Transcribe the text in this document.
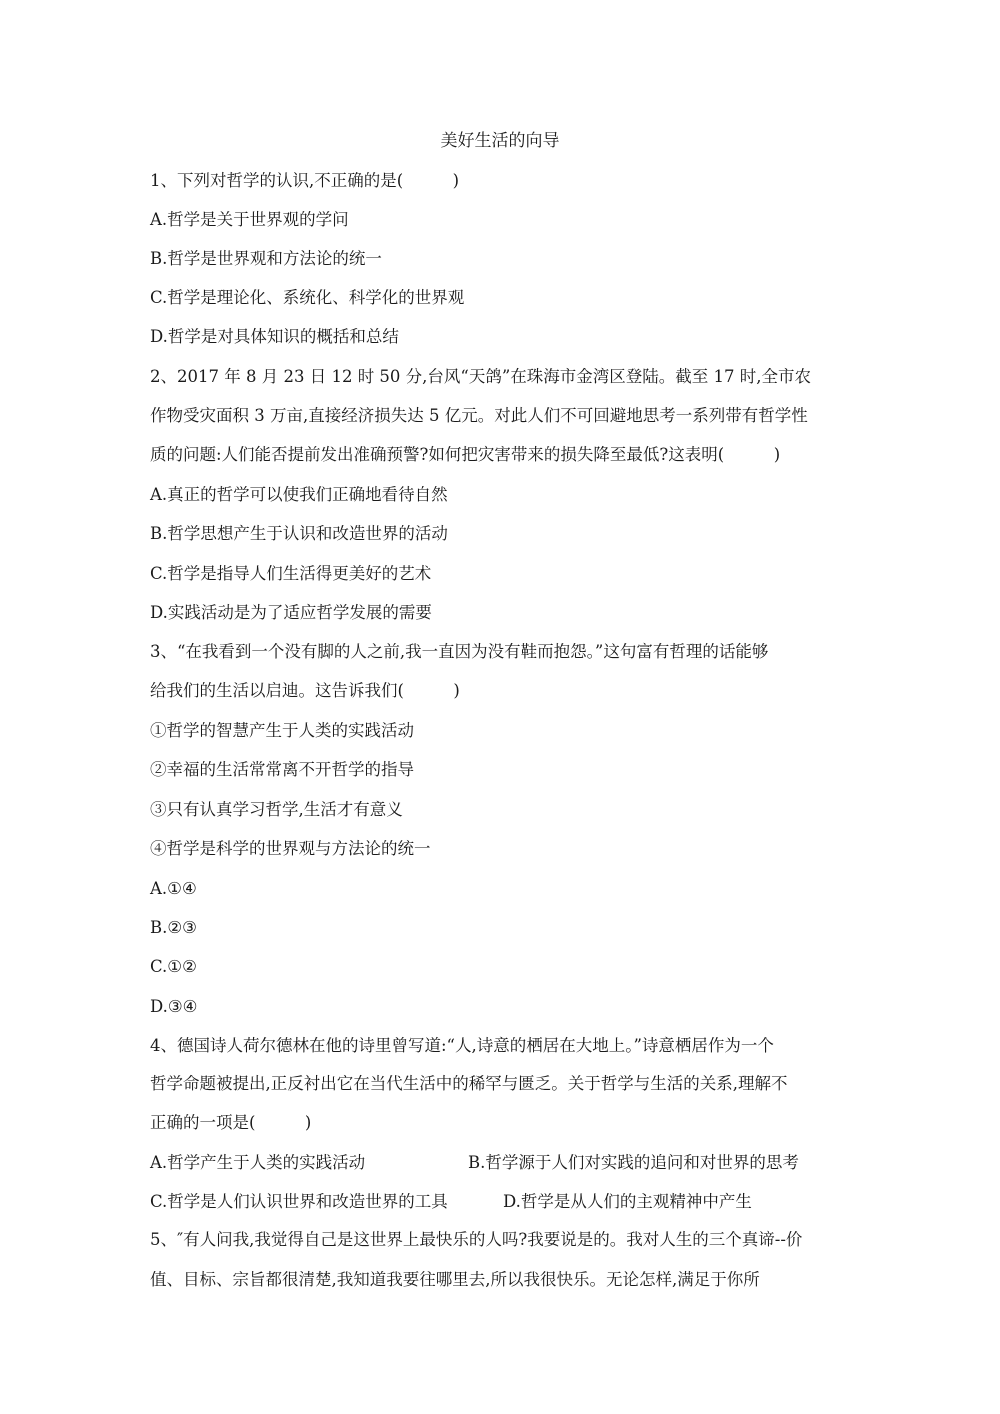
美好生活的向导
1、下列对哲学的认识,不正确的是(　　　)
A.哲学是关于世界观的学问
B.哲学是世界观和方法论的统一
C.哲学是理论化、系统化、科学化的世界观
D.哲学是对具体知识的概括和总结
2、2017 年 8 月 23 日 12 时 50 分,台风“天鸽”在珠海市金湾区登陆。截至 17 时,全市农
作物受灾面积 3 万亩,直接经济损失达 5 亿元。对此人们不可回避地思考一系列带有哲学性
质的问题:人们能否提前发出准确预警?如何把灾害带来的损失降至最低?这表明(　　　)
A.真正的哲学可以使我们正确地看待自然
B.哲学思想产生于认识和改造世界的活动
C.哲学是指导人们生活得更美好的艺术
D.实践活动是为了适应哲学发展的需要
3、“在我看到一个没有脚的人之前,我一直因为没有鞋而抱怨。”这句富有哲理的话能够
给我们的生活以启迪。这告诉我们(　　　)
①哲学的智慧产生于人类的实践活动
②幸福的生活常常离不开哲学的指导
③只有认真学习哲学,生活才有意义
④哲学是科学的世界观与方法论的统一
A.①④
B.②③
C.①②
D.③④
4、德国诗人荷尔德林在他的诗里曾写道:“人,诗意的栖居在大地上。”诗意栖居作为一个
哲学命题被提出,正反衬出它在当代生活中的稀罕与匮乏。关于哲学与生活的关系,理解不
正确的一项是(　　　)
A.哲学产生于人类的实践活动	B.哲学源于人们对实践的追问和对世界的思考
C.哲学是人们认识世界和改造世界的工具	D.哲学是从人们的主观精神中产生
5、″有人问我,我觉得自己是这世界上最快乐的人吗?我要说是的。我对人生的三个真谛--价
值、目标、宗旨都很清楚,我知道我要往哪里去,所以我很快乐。无论怎样,满足于你所
